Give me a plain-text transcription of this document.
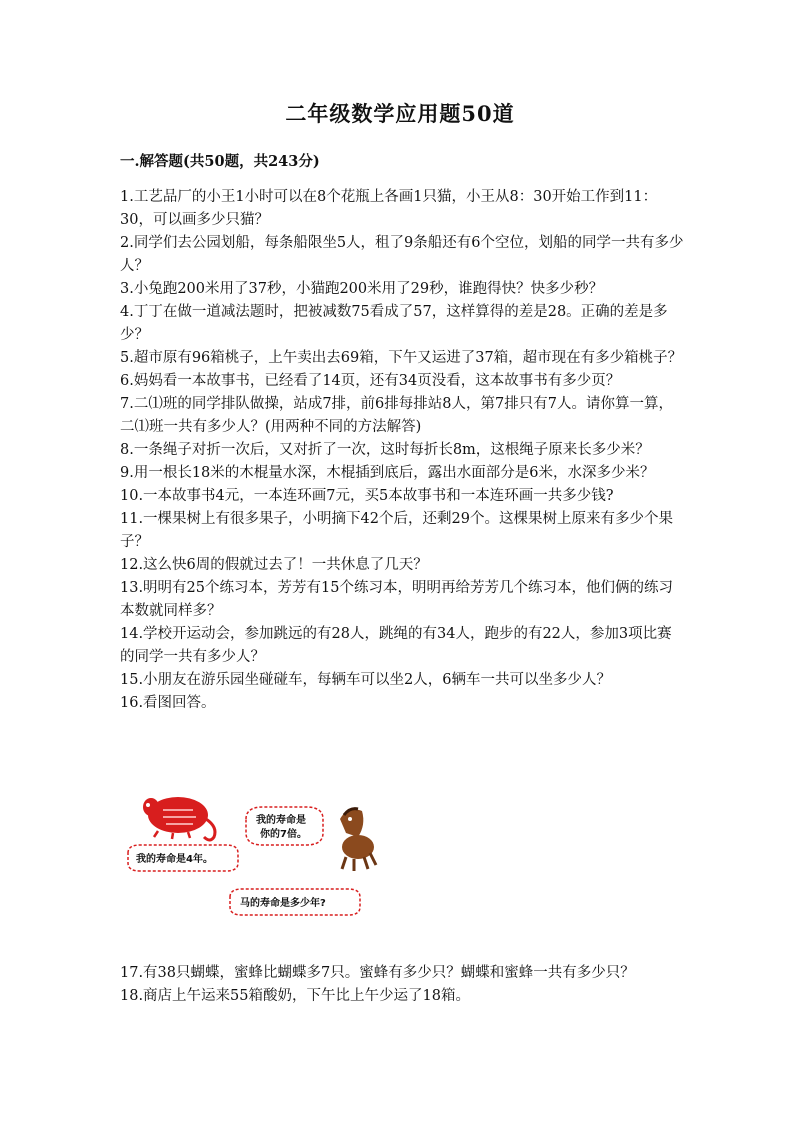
二年级数学应用题50道
一.解答题(共50题，共243分)

1.工艺品厂的小王1小时可以在8个花瓶上各画1只猫，小王从8：30开始工作到11：30，可以画多少只猫？

2.同学们去公园划船，每条船限坐5人，租了9条船还有6个空位，划船的同学一共有多少人？

3.小兔跑200米用了37秒，小猫跑200米用了29秒，谁跑得快？快多少秒？

4.丁丁在做一道减法题时，把被减数75看成了57，这样算得的差是28。正确的差是多少？

5.超市原有96箱桃子，上午卖出去69箱，下午又运进了37箱，超市现在有多少箱桃子？

6.妈妈看一本故事书，已经看了14页，还有34页没看，这本故事书有多少页？

7.二⑴班的同学排队做操，站成7排，前6排每排站8人，第7排只有7人。请你算一算，二⑴班一共有多少人？(用两种不同的方法解答)

8.一条绳子对折一次后，又对折了一次，这时每折长8m，这根绳子原来长多少米？

9.用一根长18米的木棍量水深，木棍插到底后，露出水面部分是6米，水深多少米？

10.一本故事书4元，一本连环画7元，买5本故事书和一本连环画一共多少钱?

11.一棵果树上有很多果子，小明摘下42个后，还剩29个。这棵果树上原来有多少个果子？

12.这么快6周的假就过去了！一共休息了几天？

13.明明有25个练习本，芳芳有15个练习本，明明再给芳芳几个练习本，他们俩的练习本数就同样多？

14.学校开运动会，参加跳远的有28人，跳绳的有34人，跑步的有22人，参加3项比赛的同学一共有多少人？

15.小朋友在游乐园坐碰碰车，每辆车可以坐2人，6辆车一共可以坐多少人？

16.看图回答。

我的寿命是4年。
我的寿命是
你的7倍。
马的寿命是多少年?

17.有38只蝴蝶，蜜蜂比蝴蝶多7只。蜜蜂有多少只？蝴蝶和蜜蜂一共有多少只？

18.商店上午运来55箱酸奶，下午比上午少运了18箱。
